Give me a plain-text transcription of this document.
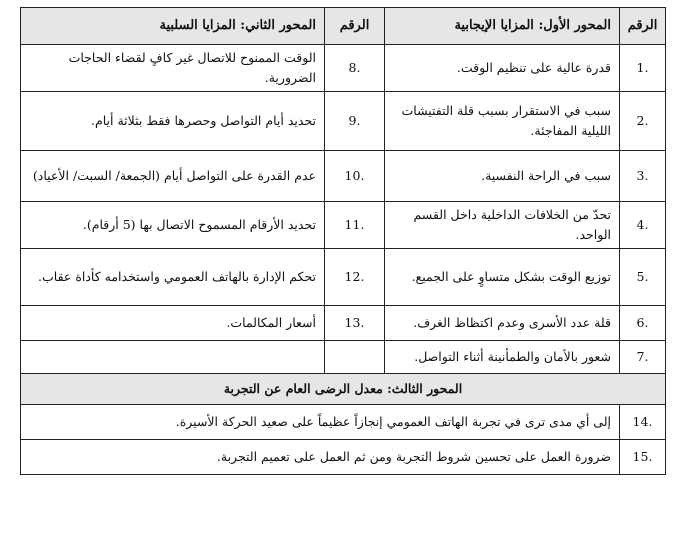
الرقم	المحور الأول: المزايا الإيجابية	الرقم	المحور الثاني: المزايا السلبية
.1	قدرة عالية على تنظيم الوقت.	.8	الوقت الممنوح للاتصال غير كافٍ لقضاء الحاجات الضرورية.
.2	سبب في الاستقرار بسبب قلة التفتيشات الليلية المفاجئة.	.9	تحديد أيام التواصل وحصرها فقط بثلاثة أيام.
.3	سبب في الراحة النفسية.	.10	عدم القدرة على التواصل أيام (الجمعة/ السبت/ الأعياد)
.4	تحدّ من الخلافات الداخلية داخل القسم الواحد.	.11	تحديد الأرقام المسموح الاتصال بها (5 أرقام).
.5	توزيع الوقت بشكل متساوٍ على الجميع.	.12	تحكم الإدارة بالهاتف العمومي واستخدامه كأداة عقاب.
.6	قلة عدد الأسرى وعدم اكتظاظ الغرف.	.13	أسعار المكالمات.
.7	شعور بالأمان والطمأنينة أثناء التواصل.		
المحور الثالث: معدل الرضى العام عن التجربة			
.14	إلى أي مدى ترى في تجربة الهاتف العمومي إنجازاً عظيماً على صعيد الحركة الأسيرة.		
.15	ضرورة العمل على تحسين شروط التجربة ومن ثم العمل على تعميم التجربة.		
